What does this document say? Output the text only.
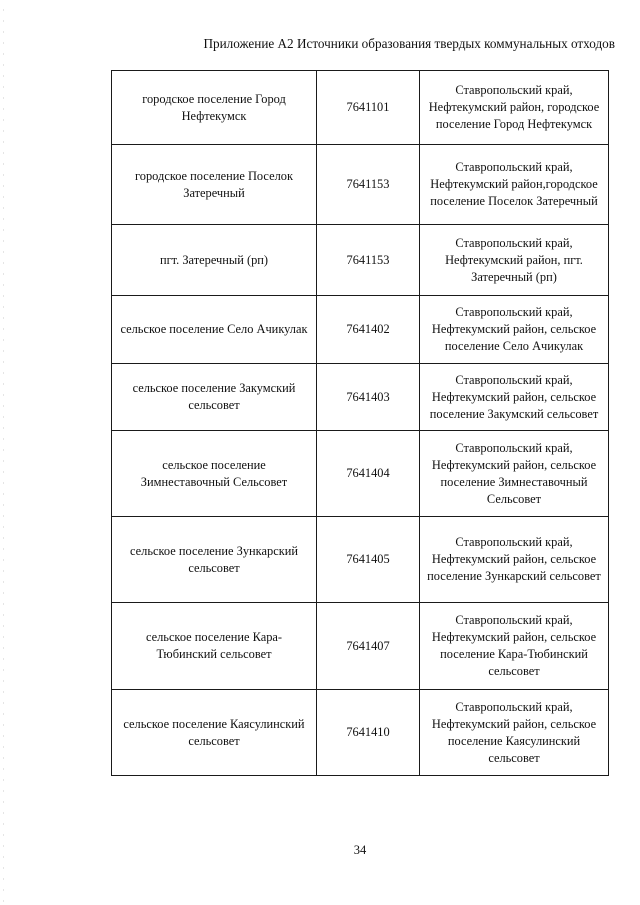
Приложение А2 Источники образования твердых коммунальных отходов
городское поселение Город Нефтекумск	7641101	Ставропольский край, Нефтекумский район, городское поселение Город Нефтекумск
городское поселение Поселок Затеречный	7641153	Ставропольский край, Нефтекумский район,городское поселение Поселок Затеречный
пгт. Затеречный (рп)	7641153	Ставропольский край, Нефтекумский район, пгт. Затеречный (рп)
сельское поселение Село Ачикулак	7641402	Ставропольский край, Нефтекумский район, сельское поселение Село Ачикулак
сельское поселение Закумский сельсовет	7641403	Ставропольский край, Нефтекумский район, сельское поселение Закумский сельсовет
сельское поселение Зимнеставочный Сельсовет	7641404	Ставропольский край, Нефтекумский район, сельское поселение Зимнеставочный Сельсовет
сельское поселение Зункарский сельсовет	7641405	Ставропольский край, Нефтекумский район, сельское поселение Зункарский сельсовет
сельское поселение Кара-Тюбинский сельсовет	7641407	Ставропольский край, Нефтекумский район, сельское поселение Кара-Тюбинский сельсовет
сельское поселение Каясулинский сельсовет	7641410	Ставропольский край, Нефтекумский район, сельское поселение Каясулинский сельсовет
34
